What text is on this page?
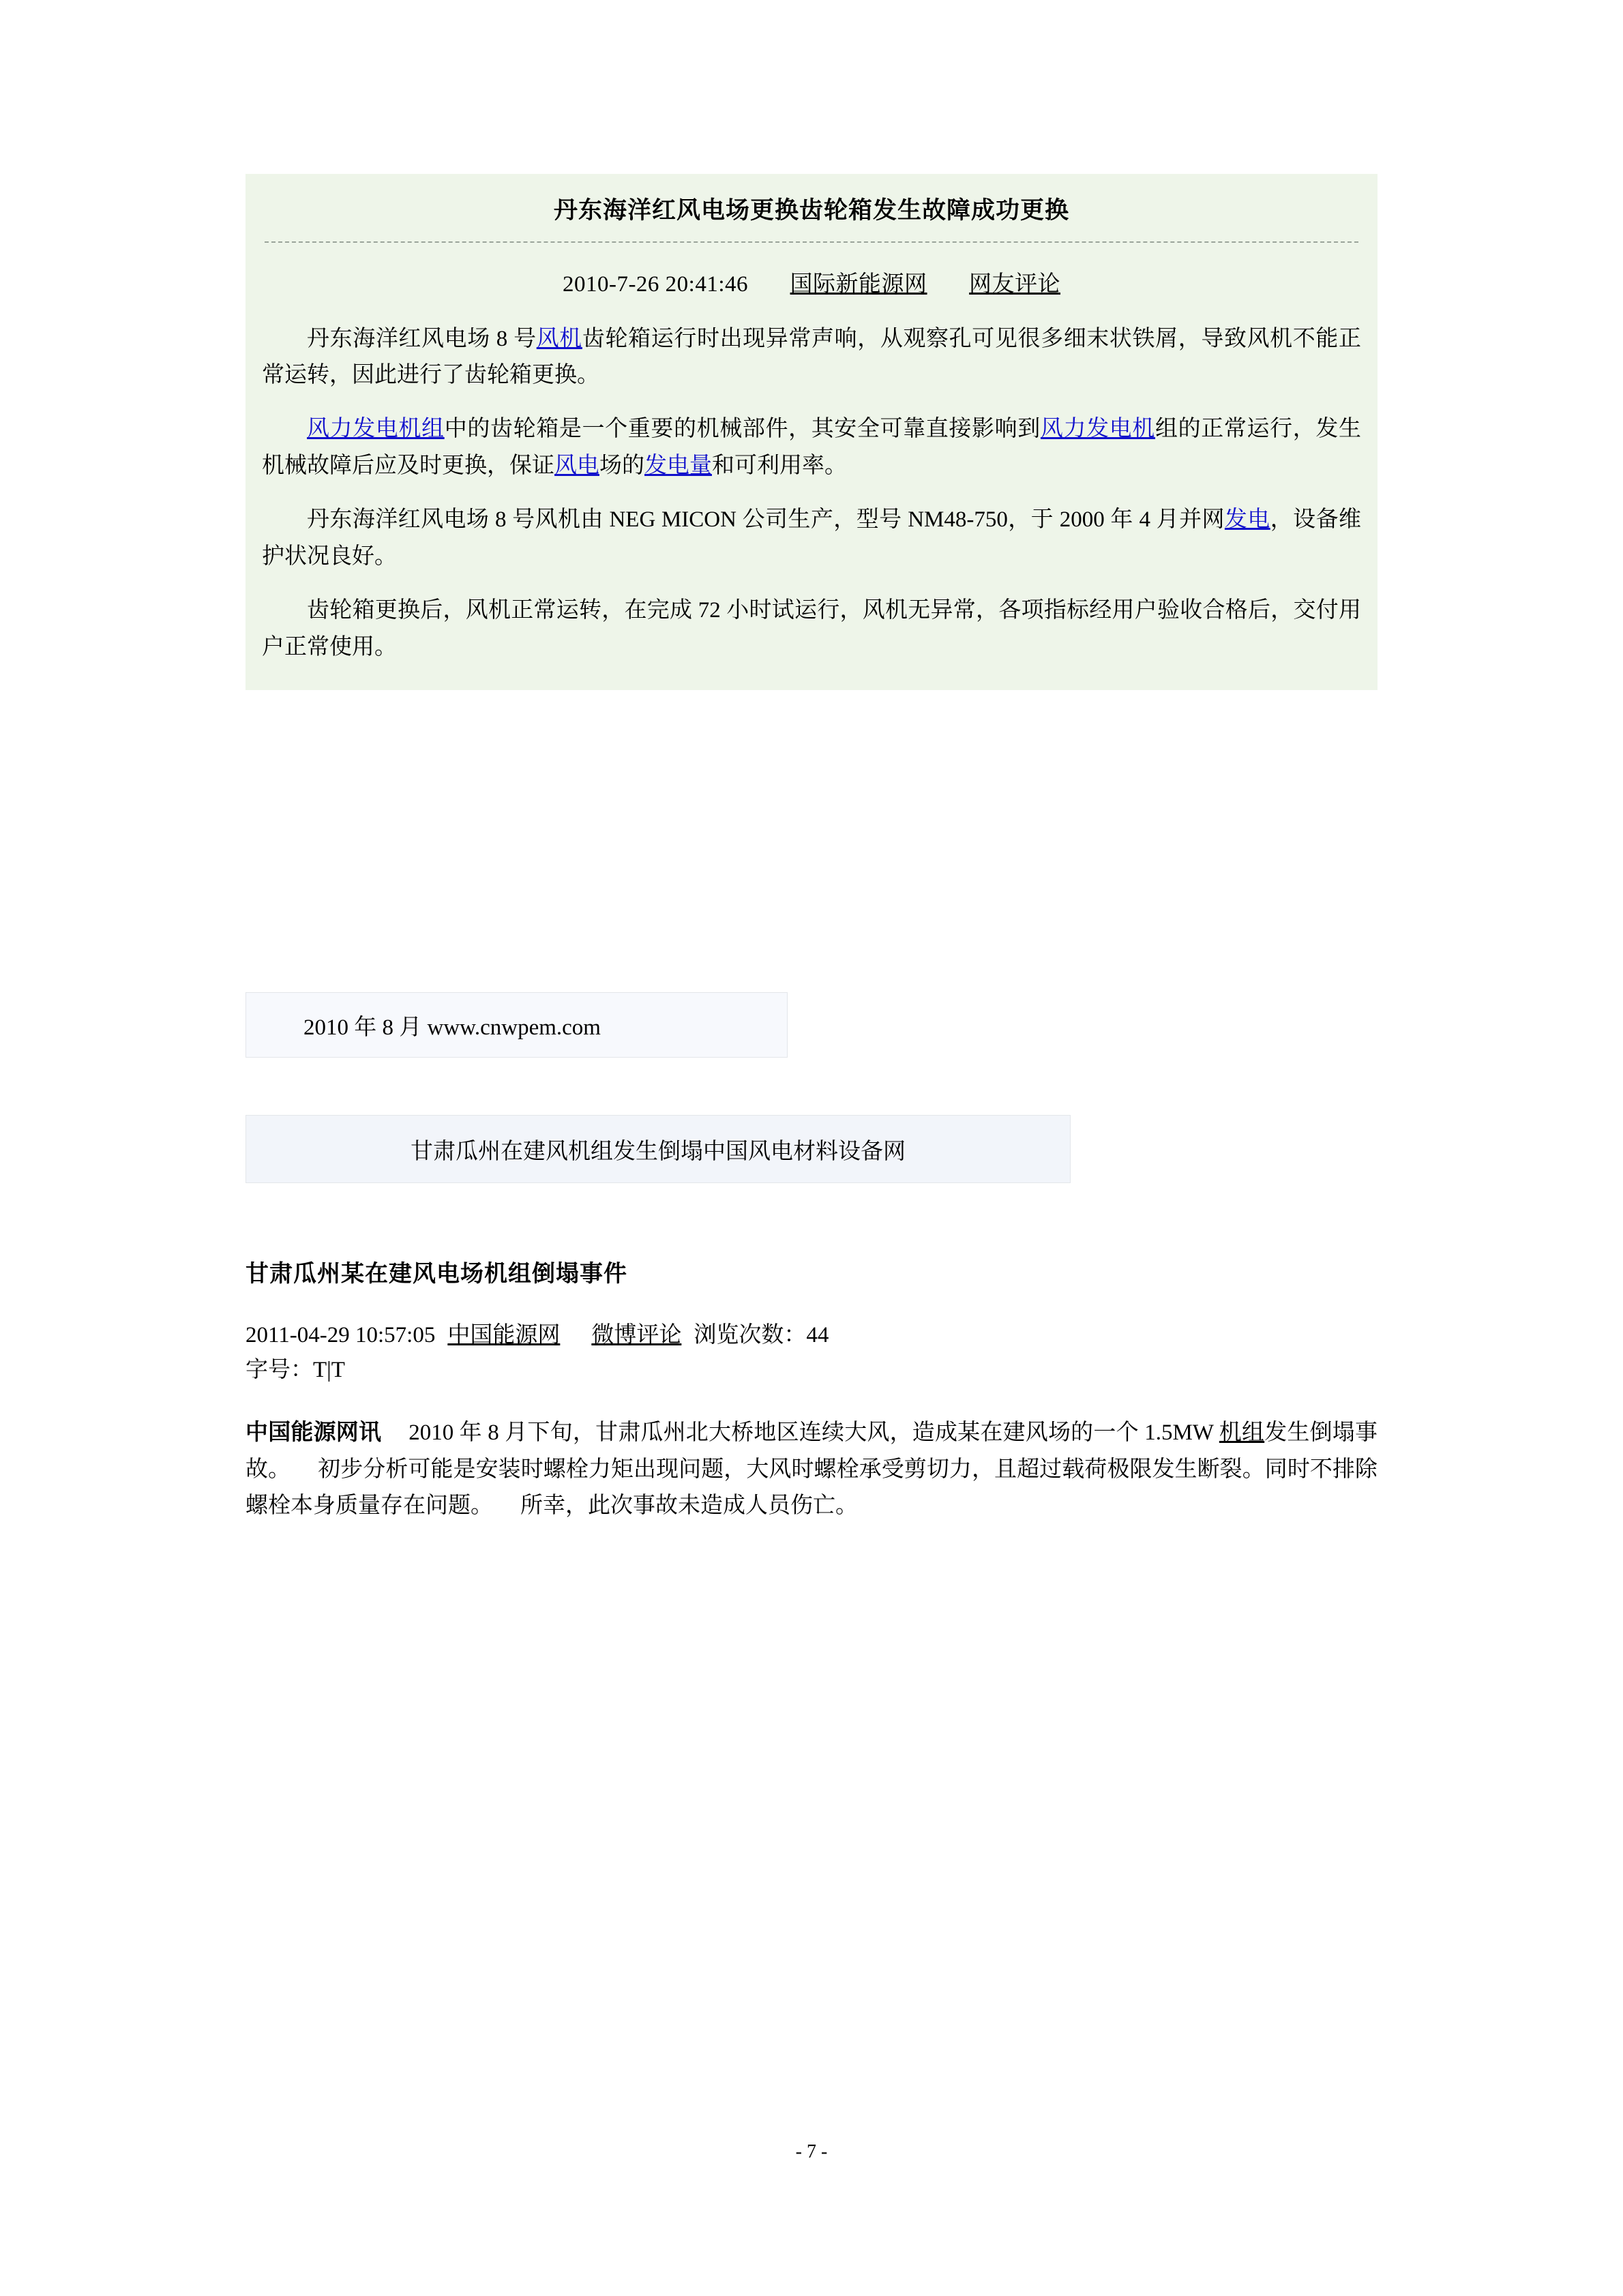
丹东海洋红风电场更换齿轮箱发生故障成功更换
2010-7-26 20:41:46 国际新能源网 网友评论

丹东海洋红风电场 8 号风机齿轮箱运行时出现异常声响，从观察孔可见很多细末状铁屑，导致风机不能正常运转，因此进行了齿轮箱更换。

风力发电机组中的齿轮箱是一个重要的机械部件，其安全可靠直接影响到风力发电机组的正常运行，发生机械故障后应及时更换，保证风电场的发电量和可利用率。

丹东海洋红风电场 8 号风机由 NEG MICON 公司生产，型号 NM48-750，于 2000 年 4 月并网发电，设备维护状况良好。

齿轮箱更换后，风机正常运转，在完成 72 小时试运行，风机无异常，各项指标经用户验收合格后，交付用户正常使用。

2010 年 8 月 www.cnwpem.com
甘肃瓜州在建风机组发生倒塌中国风电材料设备网
甘肃瓜州某在建风电场机组倒塌事件
2011-04-29 10:57:05 中国能源网 微博评论 浏览次数：44
字号：T|T
中国能源网讯 2010 年 8 月下旬，甘肃瓜州北大桥地区连续大风，造成某在建风场的一个 1.5MW 机组发生倒塌事故。 初步分析可能是安装时螺栓力矩出现问题，大风时螺栓承受剪切力，且超过载荷极限发生断裂。同时不排除螺栓本身质量存在问题。 所幸，此次事故未造成人员伤亡。
- 7 -
